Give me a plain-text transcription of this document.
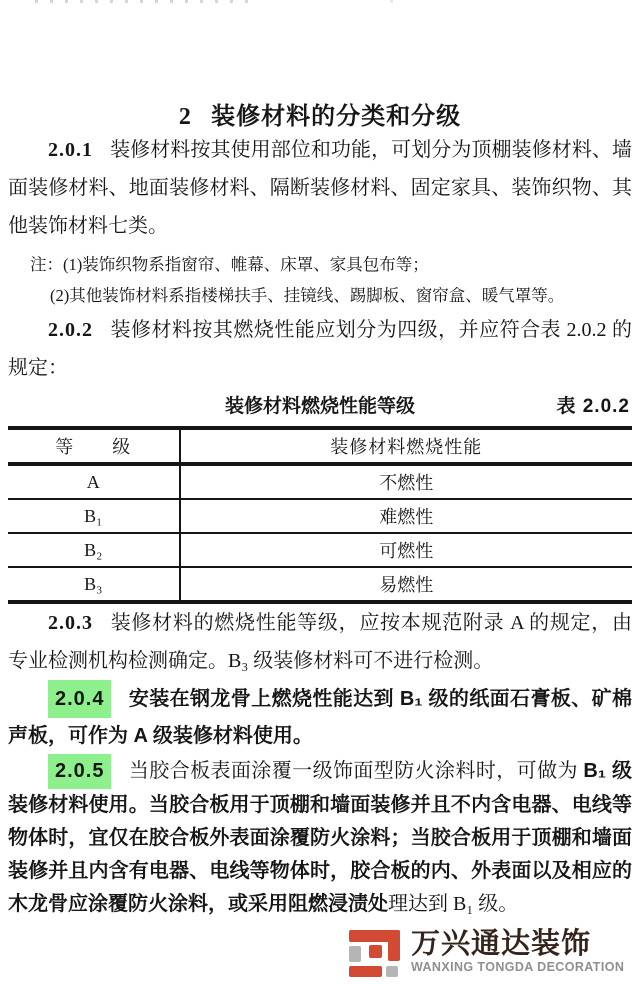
2 装修材料的分类和分级

2.0.1 装修材料按其使用部位和功能，可划分为顶棚装修材料、墙面装修材料、地面装修材料、隔断装修材料、固定家具、装饰织物、其他装饰材料七类。

注：(1)装饰织物系指窗帘、帷幕、床罩、家具包布等；
(2)其他装饰材料系指楼梯扶手、挂镜线、踢脚板、窗帘盒、暖气罩等。

2.0.2 装修材料按其燃烧性能应划分为四级，并应符合表 2.0.2 的规定：

装修材料燃烧性能等级	表 2.0.2
等　　级	装修材料燃烧性能
A	不燃性
B₁	难燃性
B₂	可燃性
B₃	易燃性

2.0.3 装修材料的燃烧性能等级，应按本规范附录 A 的规定，由专业检测机构检测确定。B₃ 级装修材料可不进行检测。

2.0.4 安装在钢龙骨上燃烧性能达到 B₁ 级的纸面石膏板、矿棉声板，可作为 A 级装修材料使用。

2.0.5 当胶合板表面涂覆一级饰面型防火涂料时，可做为 B₁ 级装修材料使用。当胶合板用于顶棚和墙面装修并且不内含电器、电线等物体时，宜仅在胶合板外表面涂覆防火涂料；当胶合板用于顶棚和墙面装修并且内含有电器、电线等物体时，胶合板的内、外表面以及相应的木龙骨应涂覆防火涂料，或采用阻燃浸渍处理达到 B₁ 级。

万兴通达装饰
WANXING TONGDA DECORATION
